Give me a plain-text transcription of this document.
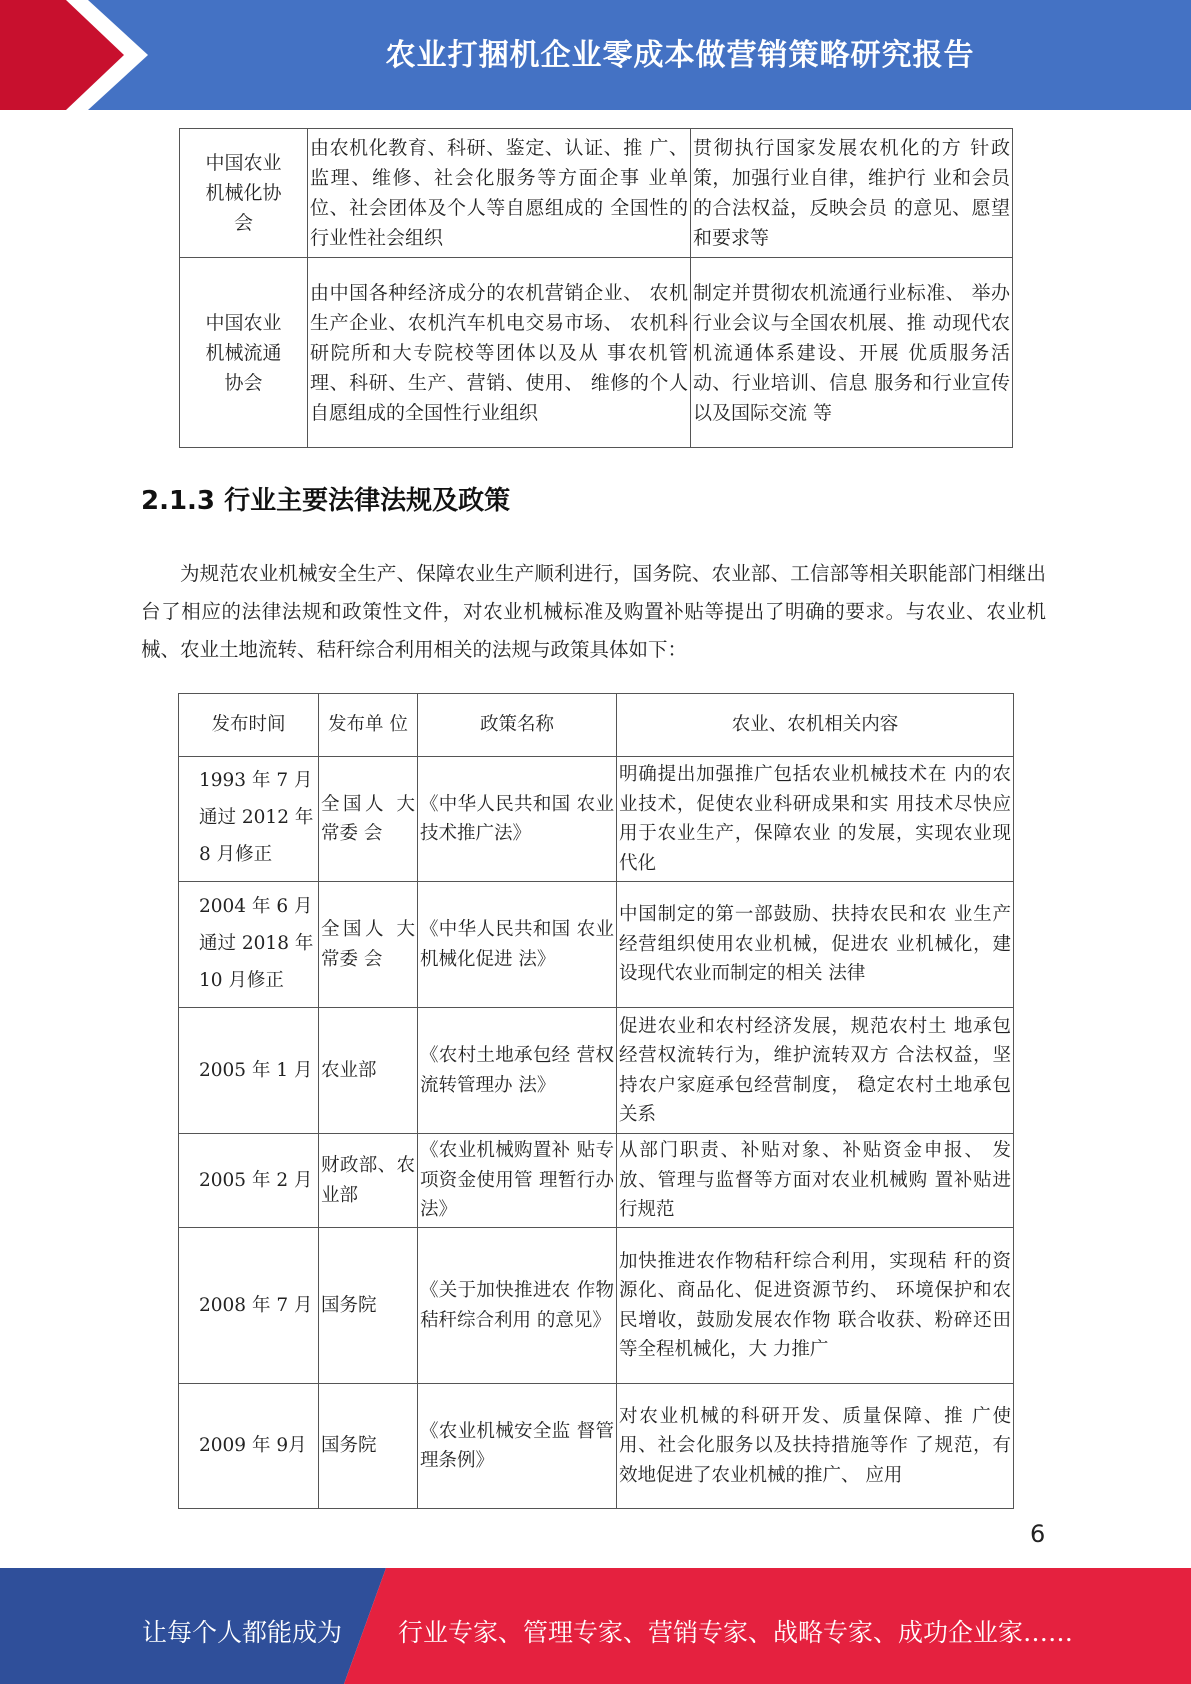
农业打捆机企业零成本做营销策略研究报告
中国农业 机械化协 会	由农机化教育、科研、鉴定、认证、推 广、监理、维修、社会化服务等方面企事 业单位、社会团体及个人等自愿组成的 全国性的行业性社会组织	贯彻执行国家发展农机化的方 针政策，加强行业自律，维护行 业和会员的合法权益，反映会员 的意见、愿望和要求等
中国农业 机械流通 协会	由中国各种经济成分的农机营销企业、 农机生产企业、农机汽车机电交易市场、 农机科研院所和大专院校等团体以及从 事农机管理、科研、生产、营销、使用、 维修的个人自愿组成的全国性行业组织	制定并贯彻农机流通行业标准、 举办行业会议与全国农机展、推 动现代农机流通体系建设、开展 优质服务活动、行业培训、信息 服务和行业宣传以及国际交流 等
2.1.3 行业主要法律法规及政策
为规范农业机械安全生产、保障农业生产顺利进行，国务院、农业部、工信部等相关职能部门相继出台了相应的法律法规和政策性文件，对农业机械标准及购置补贴等提出了明确的要求。与农业、农业机械、农业土地流转、秸秆综合利用相关的法规与政策具体如下：
发布时间	发布单 位	政策名称	农业、农机相关内容

1993 年 7 月通过 2012 年 8 月修正	全国人 大常委 会	《中华人民共和国 农业技术推广法》	明确提出加强推广包括农业机械技术在 内的农业技术，促使农业科研成果和实 用技术尽快应用于农业生产，保障农业 的发展，实现农业现代化

2004 年 6 月通过 2018 年 10 月修正	全国人 大常委 会	《中华人民共和国 农业机械化促进 法》	中国制定的第一部鼓励、扶持农民和农 业生产经营组织使用农业机械，促进农 业机械化，建设现代农业而制定的相关 法律
2005 年 1 月	农业部	《农村土地承包经 营权流转管理办 法》	促进农业和农村经济发展，规范农村土 地承包经营权流转行为，维护流转双方 合法权益，坚持农户家庭承包经营制度， 稳定农村土地承包关系
2005 年 2 月	财政部、农业部	《农业机械购置补 贴专项资金使用管 理暂行办法》	从部门职责、补贴对象、补贴资金申报、 发放、管理与监督等方面对农业机械购 置补贴进行规范
2008 年 7 月	国务院	《关于加快推进农 作物秸秆综合利用 的意见》	加快推进农作物秸秆综合利用，实现秸 秆的资源化、商品化、促进资源节约、 环境保护和农民增收，鼓励发展农作物 联合收获、粉碎还田等全程机械化，大 力推广
2009 年 9月	国务院	《农业机械安全监 督管理条例》	对农业机械的科研开发、质量保障、推 广使用、社会化服务以及扶持措施等作 了规范，有效地促进了农业机械的推广、 应用
6
让每个人都能成为 行业专家、管理专家、营销专家、战略专家、成功企业家……
